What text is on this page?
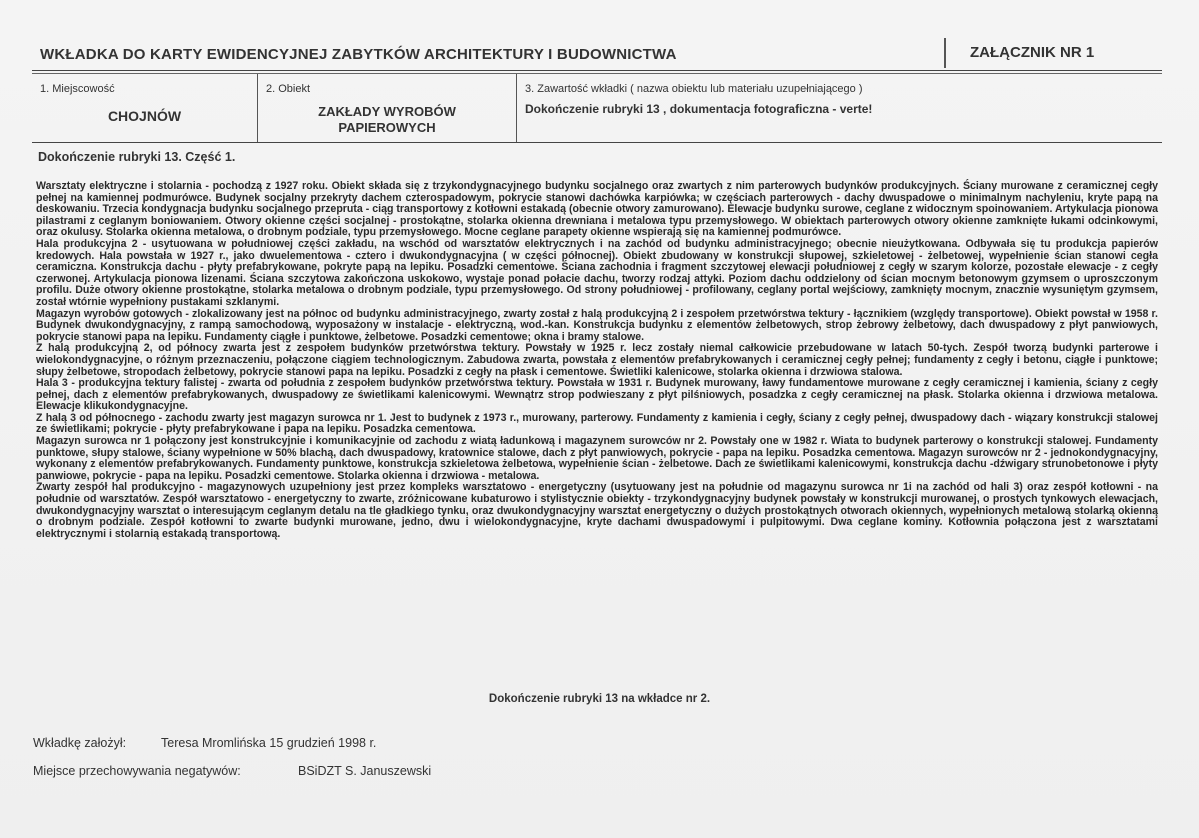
WKŁADKA DO KARTY EWIDENCYJNEJ ZABYTKÓW ARCHITEKTURY I BUDOWNICTWA	ZAŁĄCZNIK NR 1
1. Miejscowość
CHOJNÓW
2. Obiekt
ZAKŁADY WYROBÓW
PAPIEROWYCH
3. Zawartość wkładki ( nazwa obiektu lub materiału uzupełniającego )
Dokończenie rubryki 13 , dokumentacja fotograficzna - verte!
Dokończenie rubryki 13. Część 1.

Warsztaty elektryczne i stolarnia - pochodzą z 1927 roku. Obiekt składa się z trzykondygnacyjnego budynku socjalnego oraz zwartych z nim parterowych budynków produkcyjnych. Ściany murowane z ceramicznej cegły pełnej na kamiennej podmurówce. Budynek socjalny przekryty dachem czterospadowym, pokrycie stanowi dachówka karpiówka; w częściach parterowych - dachy dwuspadowe o minimalnym nachyleniu, kryte papą na deskowaniu. Trzecia kondygnacja budynku socjalnego przepruta - ciąg transportowy z kotłowni estakadą (obecnie otwory zamurowano). Elewacje budynku surowe, ceglane z widocznym spoinowaniem. Artykulacja pionowa pilastrami z ceglanym boniowaniem. Otwory okienne części socjalnej - prostokątne, stolarka okienna drewniana i metalowa typu przemysłowego. W obiektach parterowych otwory okienne zamknięte łukami odcinkowymi, oraz okulusy. Stolarka okienna metalowa, o drobnym podziale, typu przemysłowego. Mocne ceglane parapety okienne wspierają się na kamiennej podmurówce.

Hala produkcyjna 2 - usytuowana w południowej części zakładu, na wschód od warsztatów elektrycznych i na zachód od budynku administracyjnego; obecnie nieużytkowana. Odbywała się tu produkcja papierów kredowych. Hala powstała w 1927 r., jako dwuelementowa - cztero i dwukondygnacyjna ( w części północnej). Obiekt zbudowany w konstrukcji słupowej, szkieletowej - żelbetowej, wypełnienie ścian stanowi cegła ceramiczna. Konstrukcja dachu - płyty prefabrykowane, pokryte papą na lepiku. Posadzki cementowe. Ściana zachodnia i fragment szczytowej elewacji południowej z cegły w szarym kolorze, pozostałe elewacje - z cegły czerwonej. Artykulacja pionowa lizenami. Ściana szczytowa zakończona uskokowo, wystaje ponad połacie dachu, tworzy rodzaj attyki. Poziom dachu oddzielony od ścian mocnym betonowym gzymsem o uproszczonym profilu. Duże otwory okienne prostokątne, stolarka metalowa o drobnym podziale, typu przemysłowego. Od strony południowej - profilowany, ceglany portal wejściowy, zamknięty mocnym, znacznie wysuniętym gzymsem, został wtórnie wypełniony pustakami szklanymi.

Magazyn wyrobów gotowych - zlokalizowany jest na północ od budynku administracyjnego, zwarty został z halą produkcyjną 2 i zespołem przetwórstwa tektury - łącznikiem (względy transportowe). Obiekt powstał w 1958 r. Budynek dwukondygnacyjny, z rampą samochodową, wyposażony w instalacje - elektryczną, wod.-kan. Konstrukcja budynku z elementów żelbetowych, strop żebrowy żelbetowy, dach dwuspadowy z płyt panwiowych, pokrycie stanowi papa na lepiku. Fundamenty ciągłe i punktowe, żelbetowe. Posadzki cementowe; okna i bramy stalowe.

Z halą produkcyjną 2, od północy zwarta jest z zespołem budynków przetwórstwa tektury. Powstały w 1925 r. lecz zostały niemal całkowicie przebudowane w latach 50-tych. Zespół tworzą budynki parterowe i wielokondygnacyjne, o różnym przeznaczeniu, połączone ciągiem technologicznym. Zabudowa zwarta, powstała z elementów prefabrykowanych i ceramicznej cegły pełnej; fundamenty z cegły i betonu, ciągłe i punktowe; słupy żelbetowe, stropodach żelbetowy, pokrycie stanowi papa na lepiku. Posadzki z cegły na płask i cementowe. Świetliki kalenicowe, stolarka okienna i drzwiowa stalowa.

Hala 3 - produkcyjna tektury falistej - zwarta od południa z zespołem budynków przetwórstwa tektury. Powstała w 1931 r. Budynek murowany, ławy fundamentowe murowane z cegły ceramicznej i kamienia, ściany z cegły pełnej, dach z elementów prefabrykowanych, dwuspadowy ze świetlikami kalenicowymi. Wewnątrz strop podwieszany z płyt pilśniowych, posadzka z cegły ceramicznej na płask. Stolarka okienna i drzwiowa metalowa. Elewacje klikukondygnacyjne.

Z halą 3 od północnego - zachodu zwarty jest magazyn surowca nr 1. Jest to budynek z 1973 r., murowany, parterowy. Fundamenty z kamienia i cegły, ściany z cegły pełnej, dwuspadowy dach - wiązary konstrukcji stalowej ze świetlikami; pokrycie - płyty prefabrykowane i papa na lepiku. Posadzka cementowa.

Magazyn surowca nr 1 połączony jest konstrukcyjnie i komunikacyjnie od zachodu z wiatą ładunkową i magazynem surowców nr 2. Powstały one w 1982 r. Wiata to budynek parterowy o konstrukcji stalowej. Fundamenty punktowe, słupy stalowe, ściany wypełnione w 50% blachą, dach dwuspadowy, kratownice stalowe, dach z płyt panwiowych, pokrycie - papa na lepiku. Posadzka cementowa. Magazyn surowców nr 2 - jednokondygnacyjny, wykonany z elementów prefabrykowanych. Fundamenty punktowe, konstrukcja szkieletowa żelbetowa, wypełnienie ścian - żelbetowe. Dach ze świetlikami kalenicowymi, konstrukcja dachu -dźwigary strunobetonowe i płyty panwiowe, pokrycie - papa na lepiku. Posadzki cementowe. Stolarka okienna i drzwiowa - metalowa.

Zwarty zespół hal produkcyjno - magazynowych uzupełniony jest przez kompleks warsztatowo - energetyczny (usytuowany jest na południe od magazynu surowca nr 1i na zachód od hali 3) oraz zespół kotłowni - na południe od warsztatów. Zespół warsztatowo - energetyczny to zwarte, zróżnicowane kubaturowo i stylistycznie obiekty - trzykondygnacyjny budynek powstały w konstrukcji murowanej, o prostych tynkowych elewacjach, dwukondygnacyjny warsztat o interesującym ceglanym detalu na tle gładkiego tynku, oraz dwukondygnacyjny warsztat energetyczny o dużych prostokątnych otworach okiennych, wypełnionych metalową stolarką okienną o drobnym podziale. Zespół kotłowni to zwarte budynki murowane, jedno, dwu i wielokondygnacyjne, kryte dachami dwuspadowymi i pulpitowymi. Dwa ceglane kominy. Kotłownia połączona jest z warsztatami elektrycznymi i stolarnią estakadą transportową.

Dokończenie rubryki 13 na wkładce nr 2.
Wkładkę założył:	Teresa Mromlińska 15 grudzień 1998 r.
Miejsce przechowywania negatywów:	BSiDZT S. Januszewski
